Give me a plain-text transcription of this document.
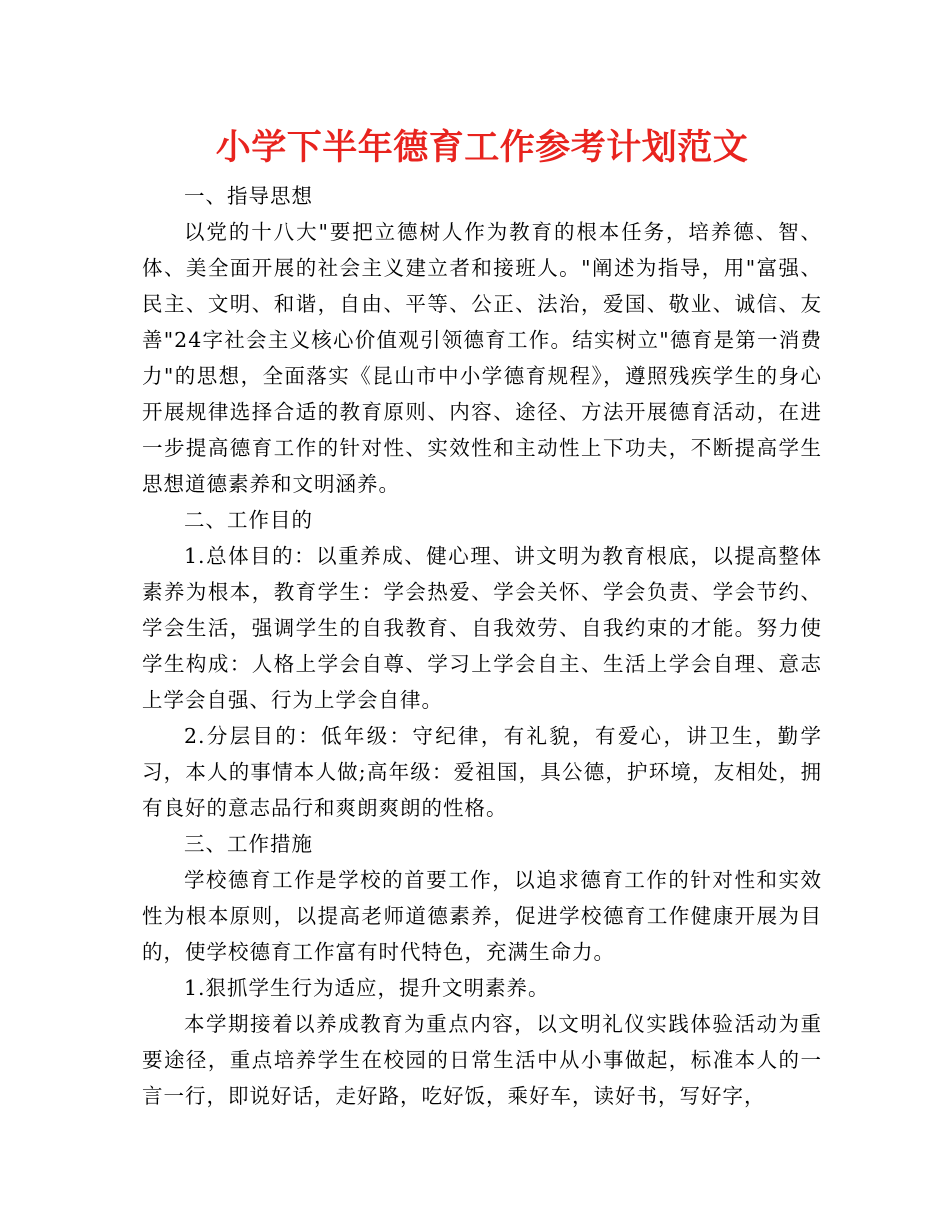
小学下半年德育工作参考计划范文

一、指导思想

以党的十八大"要把立德树人作为教育的根本任务，培养德、智、体、美全面开展的社会主义建立者和接班人。"阐述为指导，用"富强、民主、文明、和谐，自由、平等、公正、法治，爱国、敬业、诚信、友善"24字社会主义核心价值观引领德育工作。结实树立"德育是第一消费力"的思想，全面落实《昆山市中小学德育规程》，遵照残疾学生的身心开展规律选择合适的教育原则、内容、途径、方法开展德育活动，在进一步提高德育工作的针对性、实效性和主动性上下功夫，不断提高学生思想道德素养和文明涵养。

二、工作目的

1.总体目的：以重养成、健心理、讲文明为教育根底，以提高整体素养为根本，教育学生：学会热爱、学会关怀、学会负责、学会节约、学会生活，强调学生的自我教育、自我效劳、自我约束的才能。努力使学生构成：人格上学会自尊、学习上学会自主、生活上学会自理、意志上学会自强、行为上学会自律。

2.分层目的：低年级：守纪律，有礼貌，有爱心，讲卫生，勤学习，本人的事情本人做;高年级：爱祖国，具公德，护环境，友相处，拥有良好的意志品行和爽朗爽朗的性格。

三、工作措施

学校德育工作是学校的首要工作，以追求德育工作的针对性和实效性为根本原则，以提高老师道德素养，促进学校德育工作健康开展为目的，使学校德育工作富有时代特色，充满生命力。

1.狠抓学生行为适应，提升文明素养。

本学期接着以养成教育为重点内容，以文明礼仪实践体验活动为重要途径，重点培养学生在校园的日常生活中从小事做起，标准本人的一言一行，即说好话，走好路，吃好饭，乘好车，读好书，写好字，
